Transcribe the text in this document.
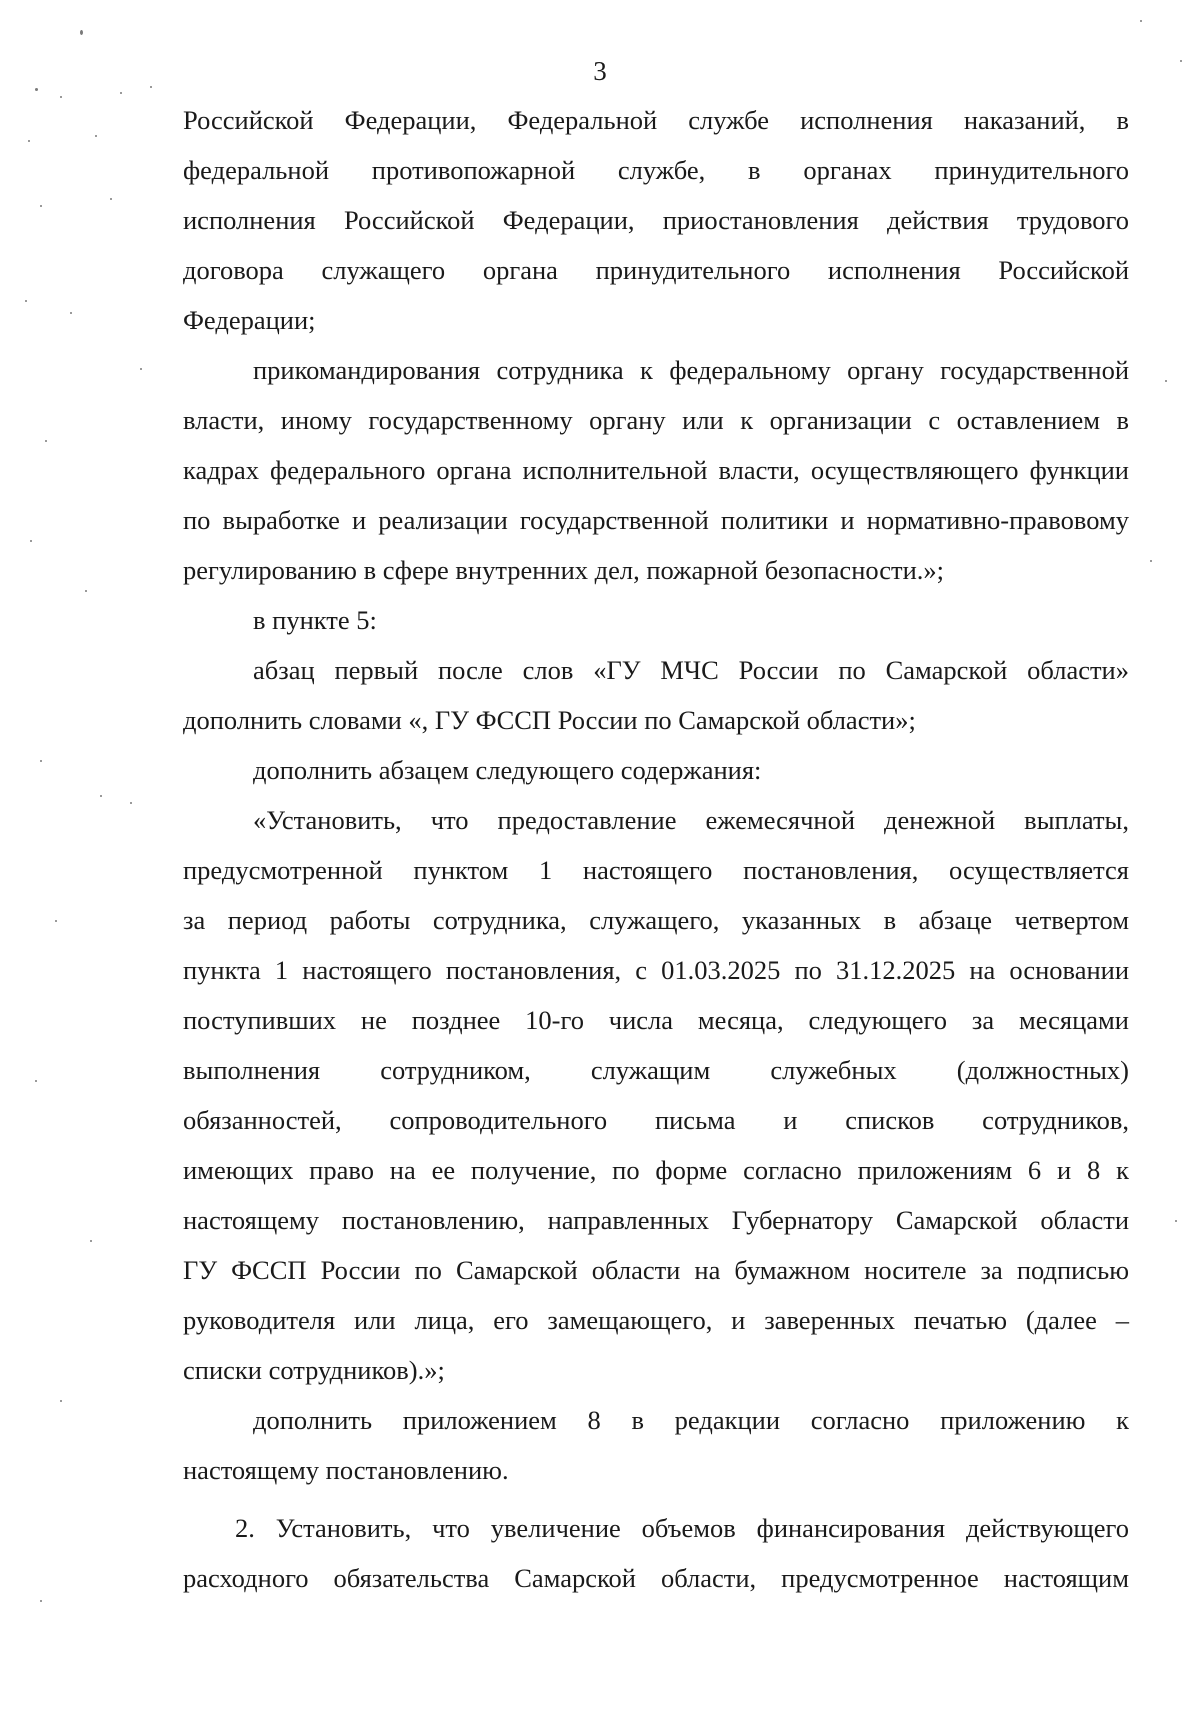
3
Российской Федерации, Федеральной службе исполнения наказаний, в
федеральной противопожарной службе, в органах принудительного
исполнения Российской Федерации, приостановления действия трудового
договора служащего органа принудительного исполнения Российской
Федерации;
прикомандирования сотрудника к федеральному органу государственной
власти, иному государственному органу или к организации с оставлением в
кадрах федерального органа исполнительной власти, осуществляющего функции
по выработке и реализации государственной политики и нормативно-правовому
регулированию в сфере внутренних дел, пожарной безопасности.»;
в пункте 5:
абзац первый после слов «ГУ МЧС России по Самарской области»
дополнить словами «, ГУ ФССП России по Самарской области»;
дополнить абзацем следующего содержания:
«Установить, что предоставление ежемесячной денежной выплаты,
предусмотренной пунктом 1 настоящего постановления, осуществляется
за период работы сотрудника, служащего, указанных в абзаце четвертом
пункта 1 настоящего постановления, с 01.03.2025 по 31.12.2025 на основании
поступивших не позднее 10-го числа месяца, следующего за месяцами
выполнения сотрудником, служащим служебных (должностных)
обязанностей, сопроводительного письма и списков сотрудников,
имеющих право на ее получение, по форме согласно приложениям 6 и 8 к
настоящему постановлению, направленных Губернатору Самарской области
ГУ ФССП России по Самарской области на бумажном носителе за подписью
руководителя или лица, его замещающего, и заверенных печатью (далее –
списки сотрудников).»;
дополнить приложением 8 в редакции согласно приложению к
настоящему постановлению.
2. Установить, что увеличение объемов финансирования действующего
расходного обязательства Самарской области, предусмотренное настоящим
